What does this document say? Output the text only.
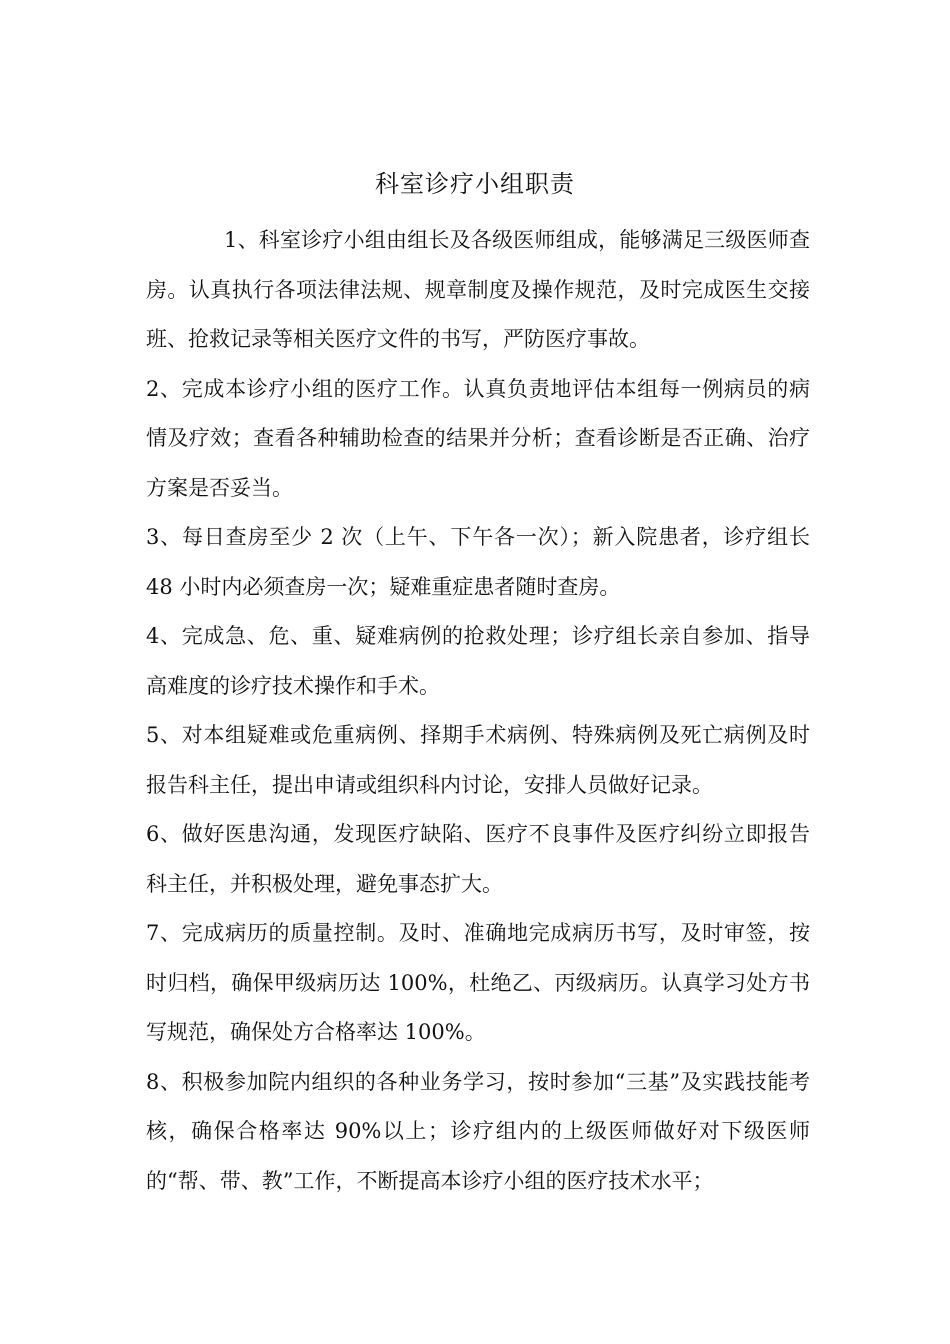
科室诊疗小组职责

1、科室诊疗小组由组长及各级医师组成，能够满足三级医师查房。认真执行各项法律法规、规章制度及操作规范，及时完成医生交接班、抢救记录等相关医疗文件的书写，严防医疗事故。

2、完成本诊疗小组的医疗工作。认真负责地评估本组每一例病员的病情及疗效；查看各种辅助检查的结果并分析；查看诊断是否正确、治疗方案是否妥当。

3、每日查房至少 2 次（上午、下午各一次）；新入院患者，诊疗组长 48 小时内必须查房一次；疑难重症患者随时查房。

4、完成急、危、重、疑难病例的抢救处理；诊疗组长亲自参加、指导高难度的诊疗技术操作和手术。

5、对本组疑难或危重病例、择期手术病例、特殊病例及死亡病例及时报告科主任，提出申请或组织科内讨论，安排人员做好记录。

6、做好医患沟通，发现医疗缺陷、医疗不良事件及医疗纠纷立即报告科主任，并积极处理，避免事态扩大。

7、完成病历的质量控制。及时、准确地完成病历书写，及时审签，按时归档，确保甲级病历达 100%，杜绝乙、丙级病历。认真学习处方书写规范，确保处方合格率达 100%。

8、积极参加院内组织的各种业务学习，按时参加“三基”及实践技能考核，确保合格率达 90%以上；诊疗组内的上级医师做好对下级医师的“帮、带、教”工作，不断提高本诊疗小组的医疗技术水平；
